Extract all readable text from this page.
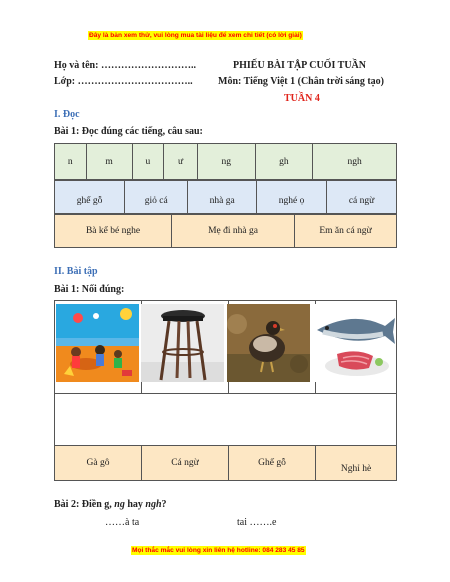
Đây là bản xem thử, vui lòng mua tài liệu để xem chi tiết (có lời giải)
Họ và tên: ………………………..
Lớp: ……………………………..
PHIẾU BÀI TẬP CUỐI TUẦN
Môn: Tiếng Việt 1 (Chân trời sáng tạo)
TUẦN 4
I. Đọc
Bài 1: Đọc đúng các tiếng, câu sau:
n	m	u	ư	ng	gh	ngh
ghế gỗ	giỏ cá	nhà ga	nghé ọ	cá ngừ
Bà kể bé nghe	Mẹ đi nhà ga	Em ăn cá ngừ
II. Bài tập
Bài 1: Nối đúng:

Gà gô	Cá ngừ	Ghế gỗ	Nghỉ hè
Bài 2: Điền g, ng hay ngh?
……à ta	tai …….e
Mọi thắc mắc vui lòng xin liên hệ hotline: 084 283 45 85
